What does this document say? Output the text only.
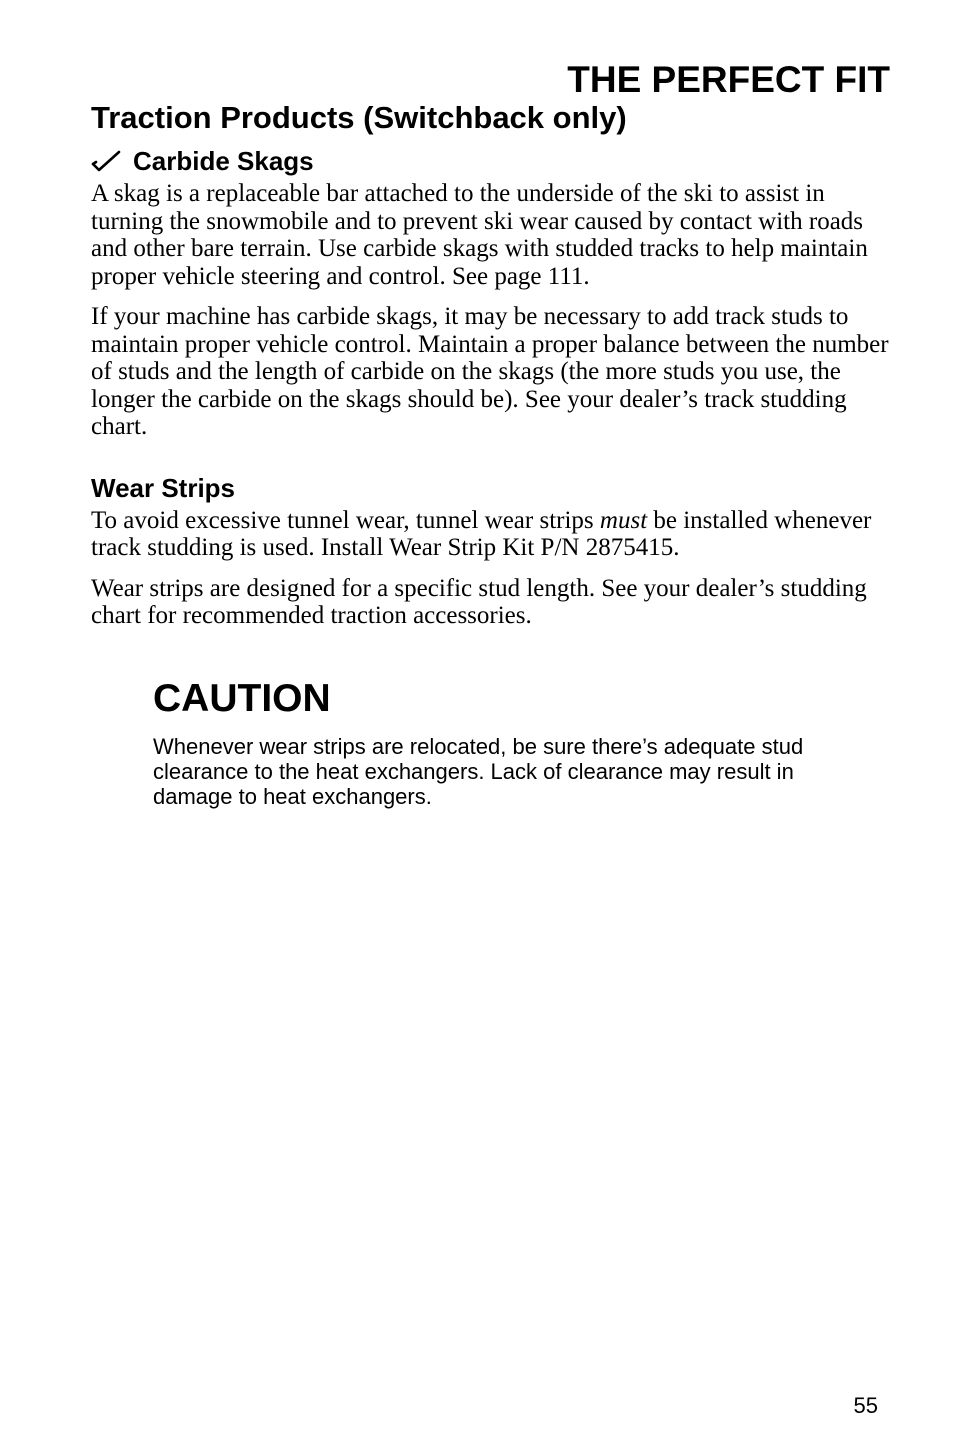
THE PERFECT FIT
Traction Products (Switchback only)
Carbide Skags

A skag is a replaceable bar attached to the underside of the ski to assist in turning the snowmobile and to prevent ski wear caused by contact with roads and other bare terrain. Use carbide skags with studded tracks to help maintain proper vehicle steering and control. See page 111.

If your machine has carbide skags, it may be necessary to add track studs to maintain proper vehicle control. Maintain a proper balance between the number of studs and the length of carbide on the skags (the more studs you use, the longer the carbide on the skags should be). See your dealer’s track studding chart.

Wear Strips

To avoid excessive tunnel wear, tunnel wear strips must be installed whenever track studding is used. Install Wear Strip Kit P/N 2875415.

Wear strips are designed for a specific stud length. See your dealer’s studding chart for recommended traction accessories.

CAUTION

Whenever wear strips are relocated, be sure there’s adequate stud clearance to the heat exchangers. Lack of clearance may result in damage to heat exchangers.

55
